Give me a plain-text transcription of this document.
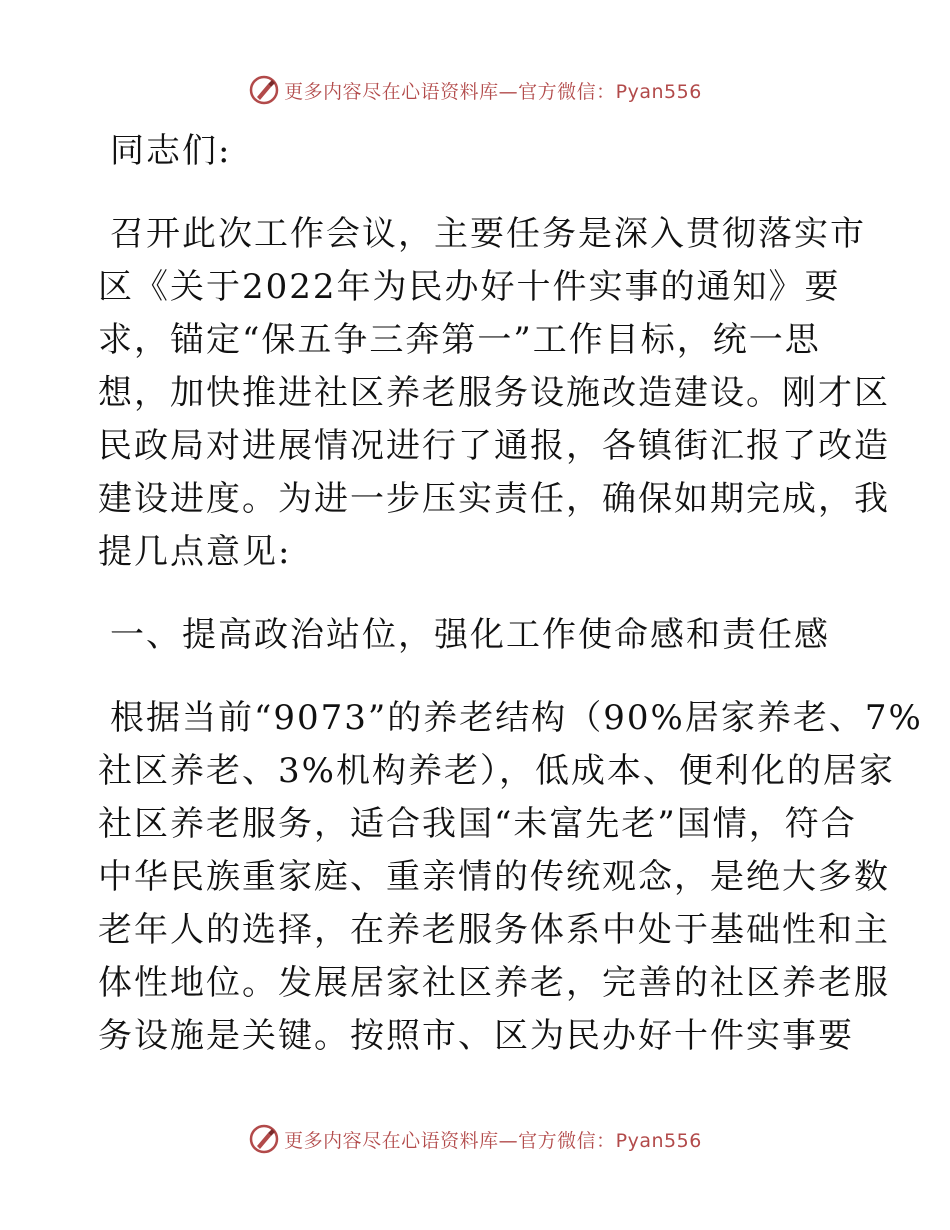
更多内容尽在心语资料库—官方微信：Pyan556
同志们:
召开此次工作会议，主要任务是深入贯彻落实市
区《关于2022年为民办好十件实事的通知》要
求，锚定“保五争三奔第一”工作目标，统一思
想，加快推进社区养老服务设施改造建设。刚才区
民政局对进展情况进行了通报，各镇街汇报了改造
建设进度。为进一步压实责任，确保如期完成，我
提几点意见:
一、提高政治站位，强化工作使命感和责任感
根据当前“9073”的养老结构（90%居家养老、7%
社区养老、3%机构养老），低成本、便利化的居家
社区养老服务，适合我国“未富先老”国情，符合
中华民族重家庭、重亲情的传统观念，是绝大多数
老年人的选择，在养老服务体系中处于基础性和主
体性地位。发展居家社区养老，完善的社区养老服
务设施是关键。按照市、区为民办好十件实事要
更多内容尽在心语资料库—官方微信：Pyan556
